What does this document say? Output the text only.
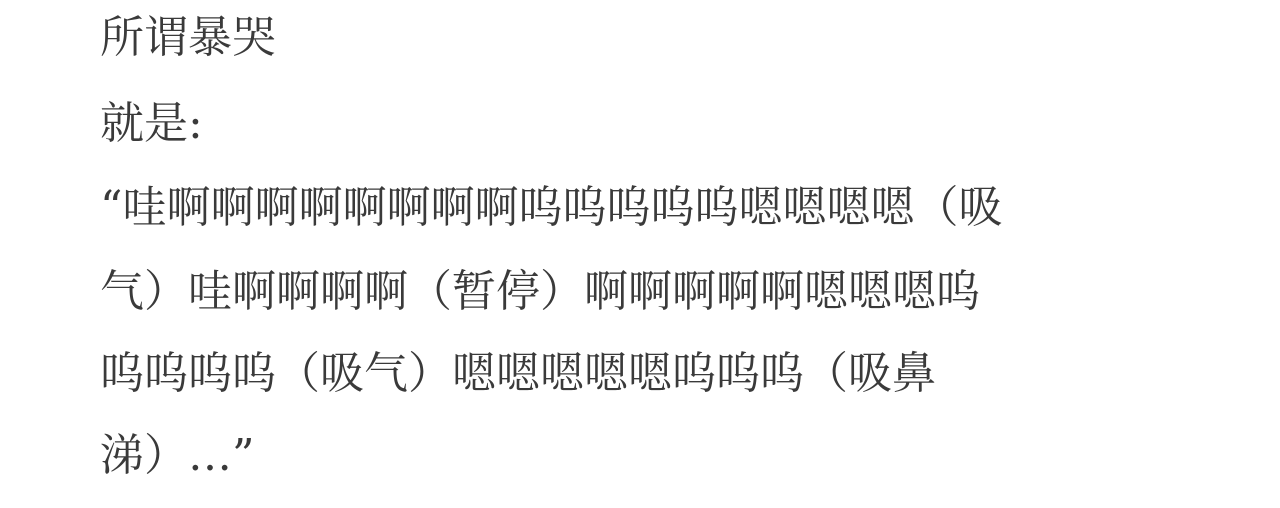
所谓暴哭
就是:
“哇啊啊啊啊啊啊啊啊呜呜呜呜呜嗯嗯嗯嗯（吸
气）哇啊啊啊啊（暂停）啊啊啊啊啊嗯嗯嗯呜
呜呜呜呜（吸气）嗯嗯嗯嗯嗯呜呜呜（吸鼻
涕）…”
